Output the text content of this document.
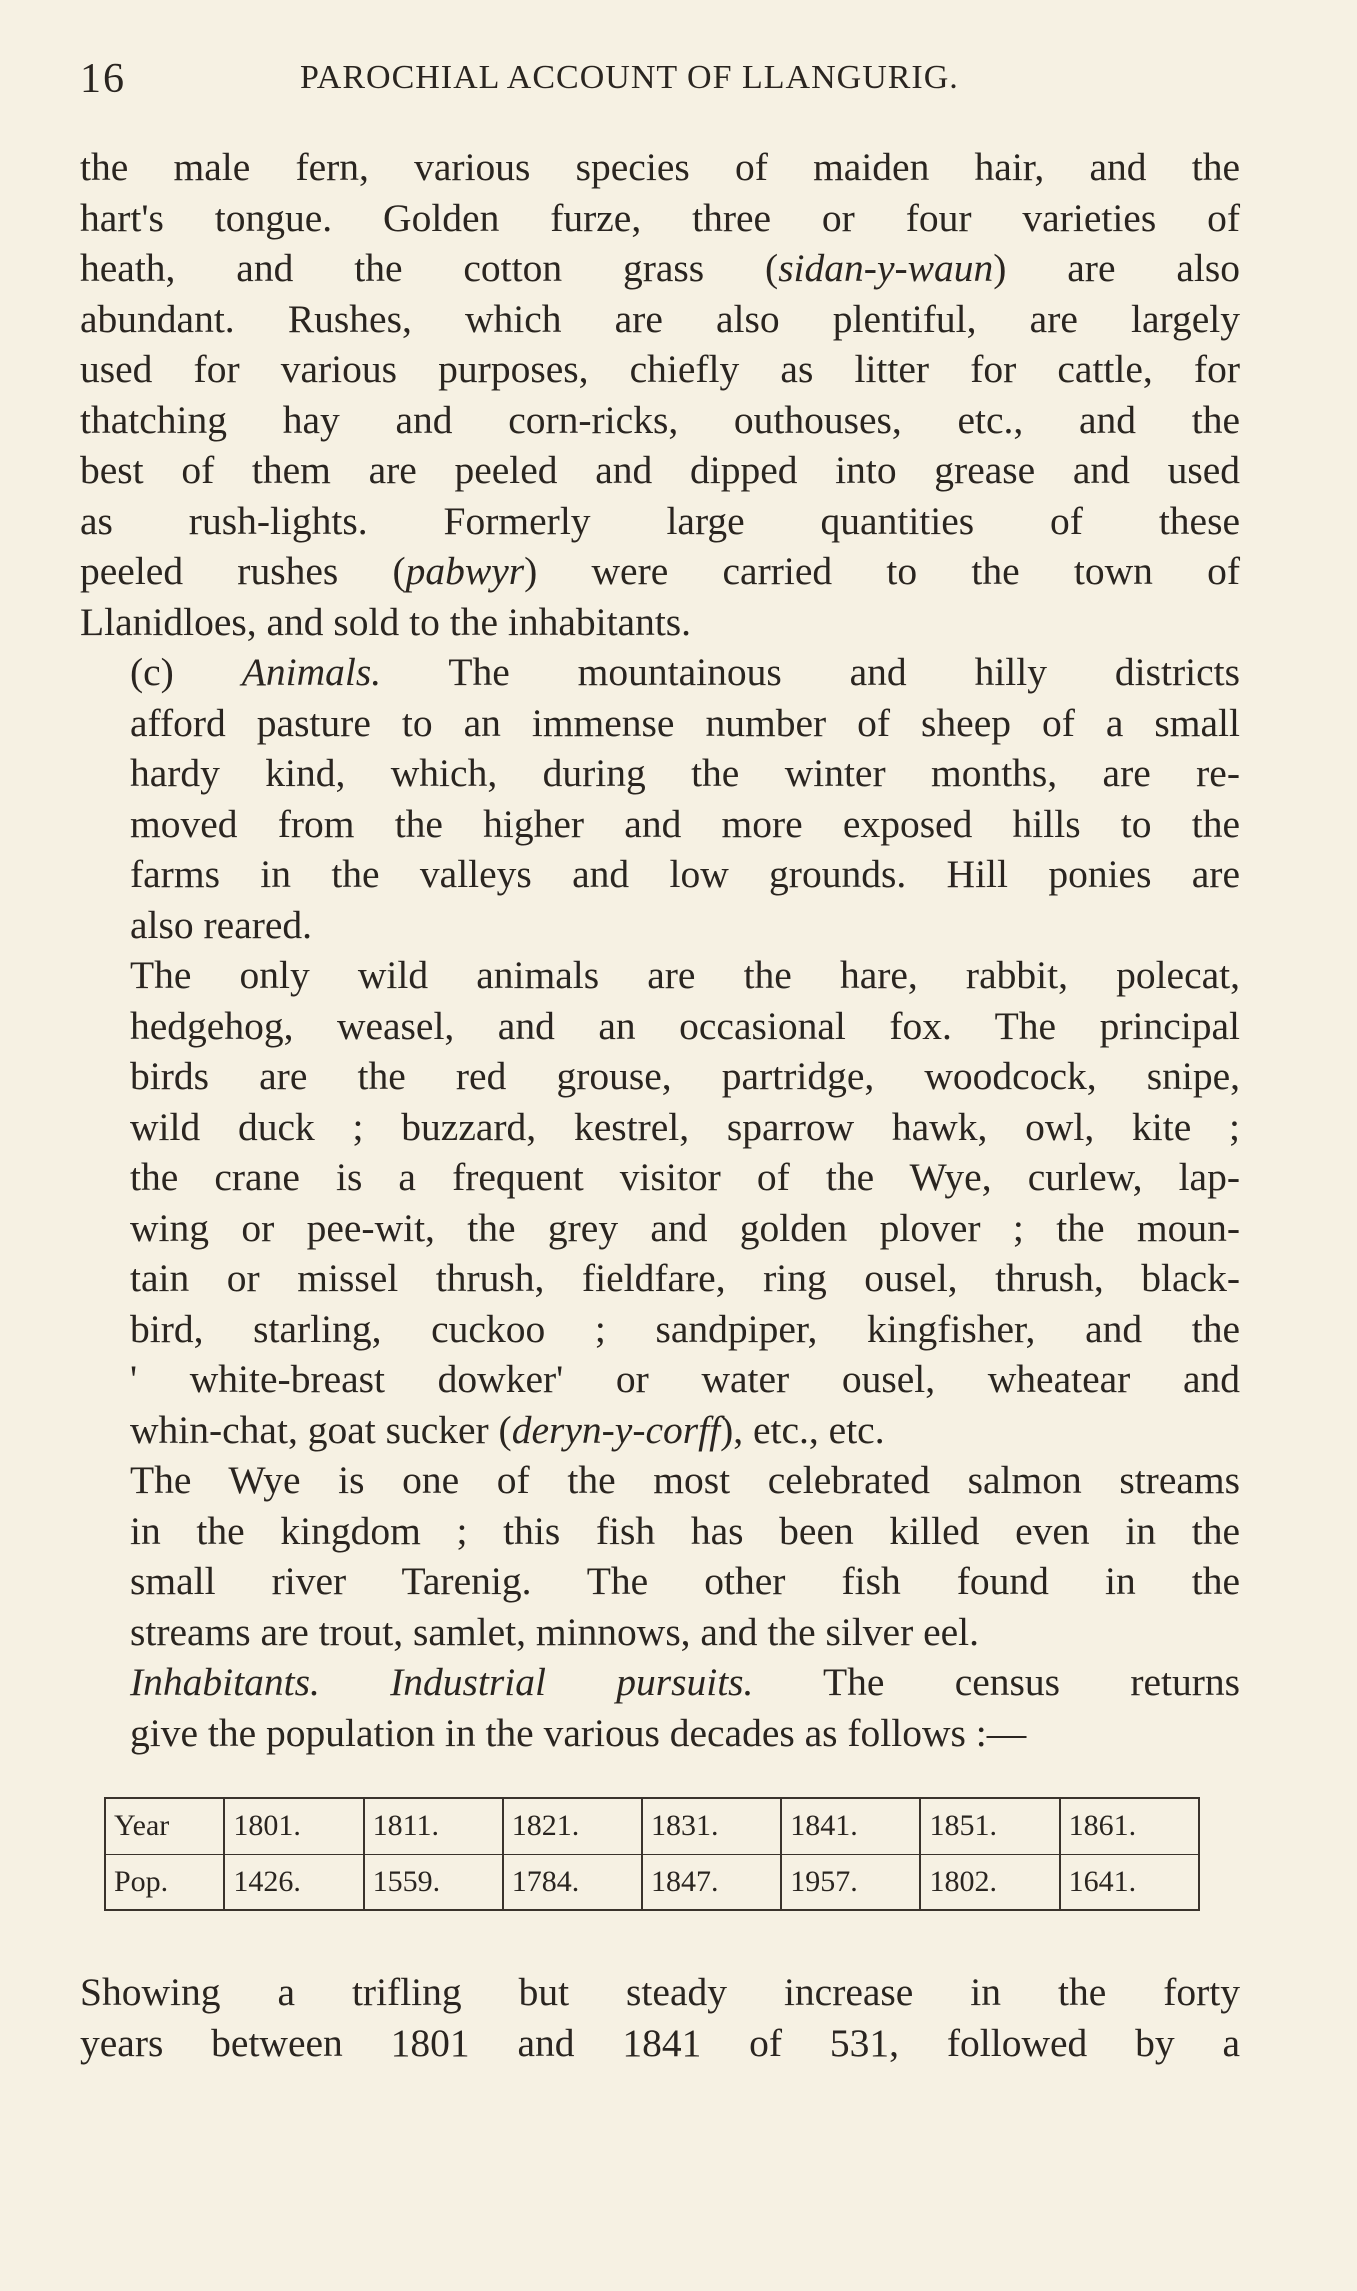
16	PAROCHIAL ACCOUNT OF LLANGURIG.

the male fern, various species of maiden hair, and the
hart's tongue. Golden furze, three or four varieties of
heath, and the cotton grass (sidan-y-waun) are also
abundant. Rushes, which are also plentiful, are largely
used for various purposes, chiefly as litter for cattle, for
thatching hay and corn-ricks, outhouses, etc., and the
best of them are peeled and dipped into grease and used
as rush-lights. Formerly large quantities of these
peeled rushes (pabwyr) were carried to the town of
Llanidloes, and sold to the inhabitants.

(c) Animals. The mountainous and hilly districts
afford pasture to an immense number of sheep of a small
hardy kind, which, during the winter months, are re-
moved from the higher and more exposed hills to the
farms in the valleys and low grounds. Hill ponies are
also reared.

The only wild animals are the hare, rabbit, polecat,
hedgehog, weasel, and an occasional fox. The principal
birds are the red grouse, partridge, woodcock, snipe,
wild duck ; buzzard, kestrel, sparrow hawk, owl, kite ;
the crane is a frequent visitor of the Wye, curlew, lap-
wing or pee-wit, the grey and golden plover ; the moun-
tain or missel thrush, fieldfare, ring ousel, thrush, black-
bird, starling, cuckoo ; sandpiper, kingfisher, and the
' white-breast dowker' or water ousel, wheatear and
whin-chat, goat sucker (deryn-y-corff), etc., etc.

The Wye is one of the most celebrated salmon streams
in the kingdom ; this fish has been killed even in the
small river Tarenig. The other fish found in the
streams are trout, samlet, minnows, and the silver eel.

Inhabitants. Industrial pursuits. The census returns
give the population in the various decades as follows :—

Year	1801.	1811.	1821.	1831.	1841.	1851.	1861.
Pop.	1426.	1559.	1784.	1847.	1957.	1802.	1641.
Showing a trifling but steady increase in the forty
years between 1801 and 1841 of 531, followed by a
